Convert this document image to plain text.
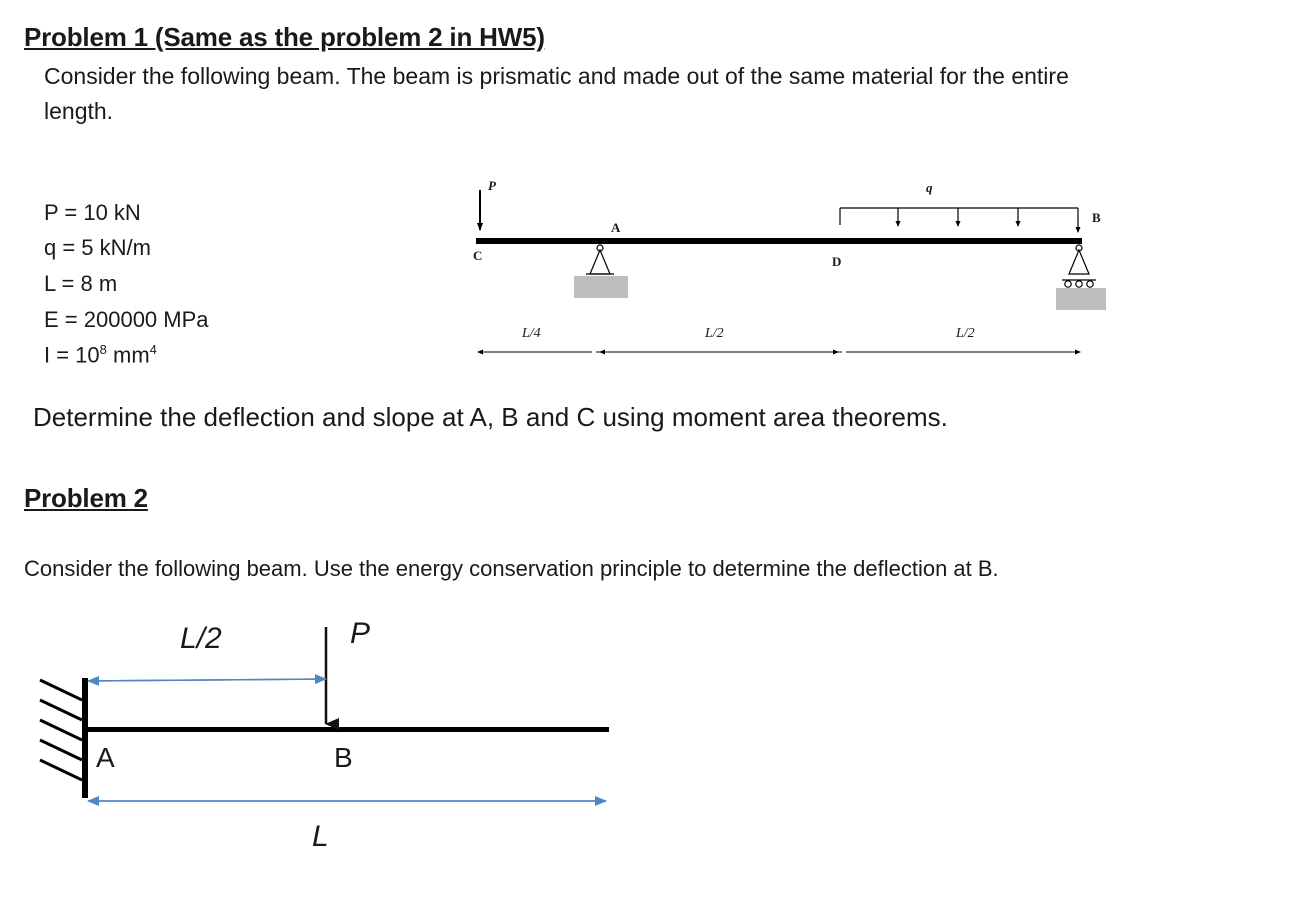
Problem 1 (Same as the problem 2 in HW5)
Consider the following beam. The beam is prismatic and made out of the same material for the entire
length.
P = 10 kN
q = 5 kN/m
L = 8 m
E = 200000 MPa
$I = 10^8$ $mm^4$
P	q
A
B
C	D
L/4	L/2	L/2
Determine the deflection and slope at A, B and C using moment area theorems.
Problem 2
Consider the following beam. Use the energy conservation principle to determine the deflection at B.
L/2	P
A	B
L
